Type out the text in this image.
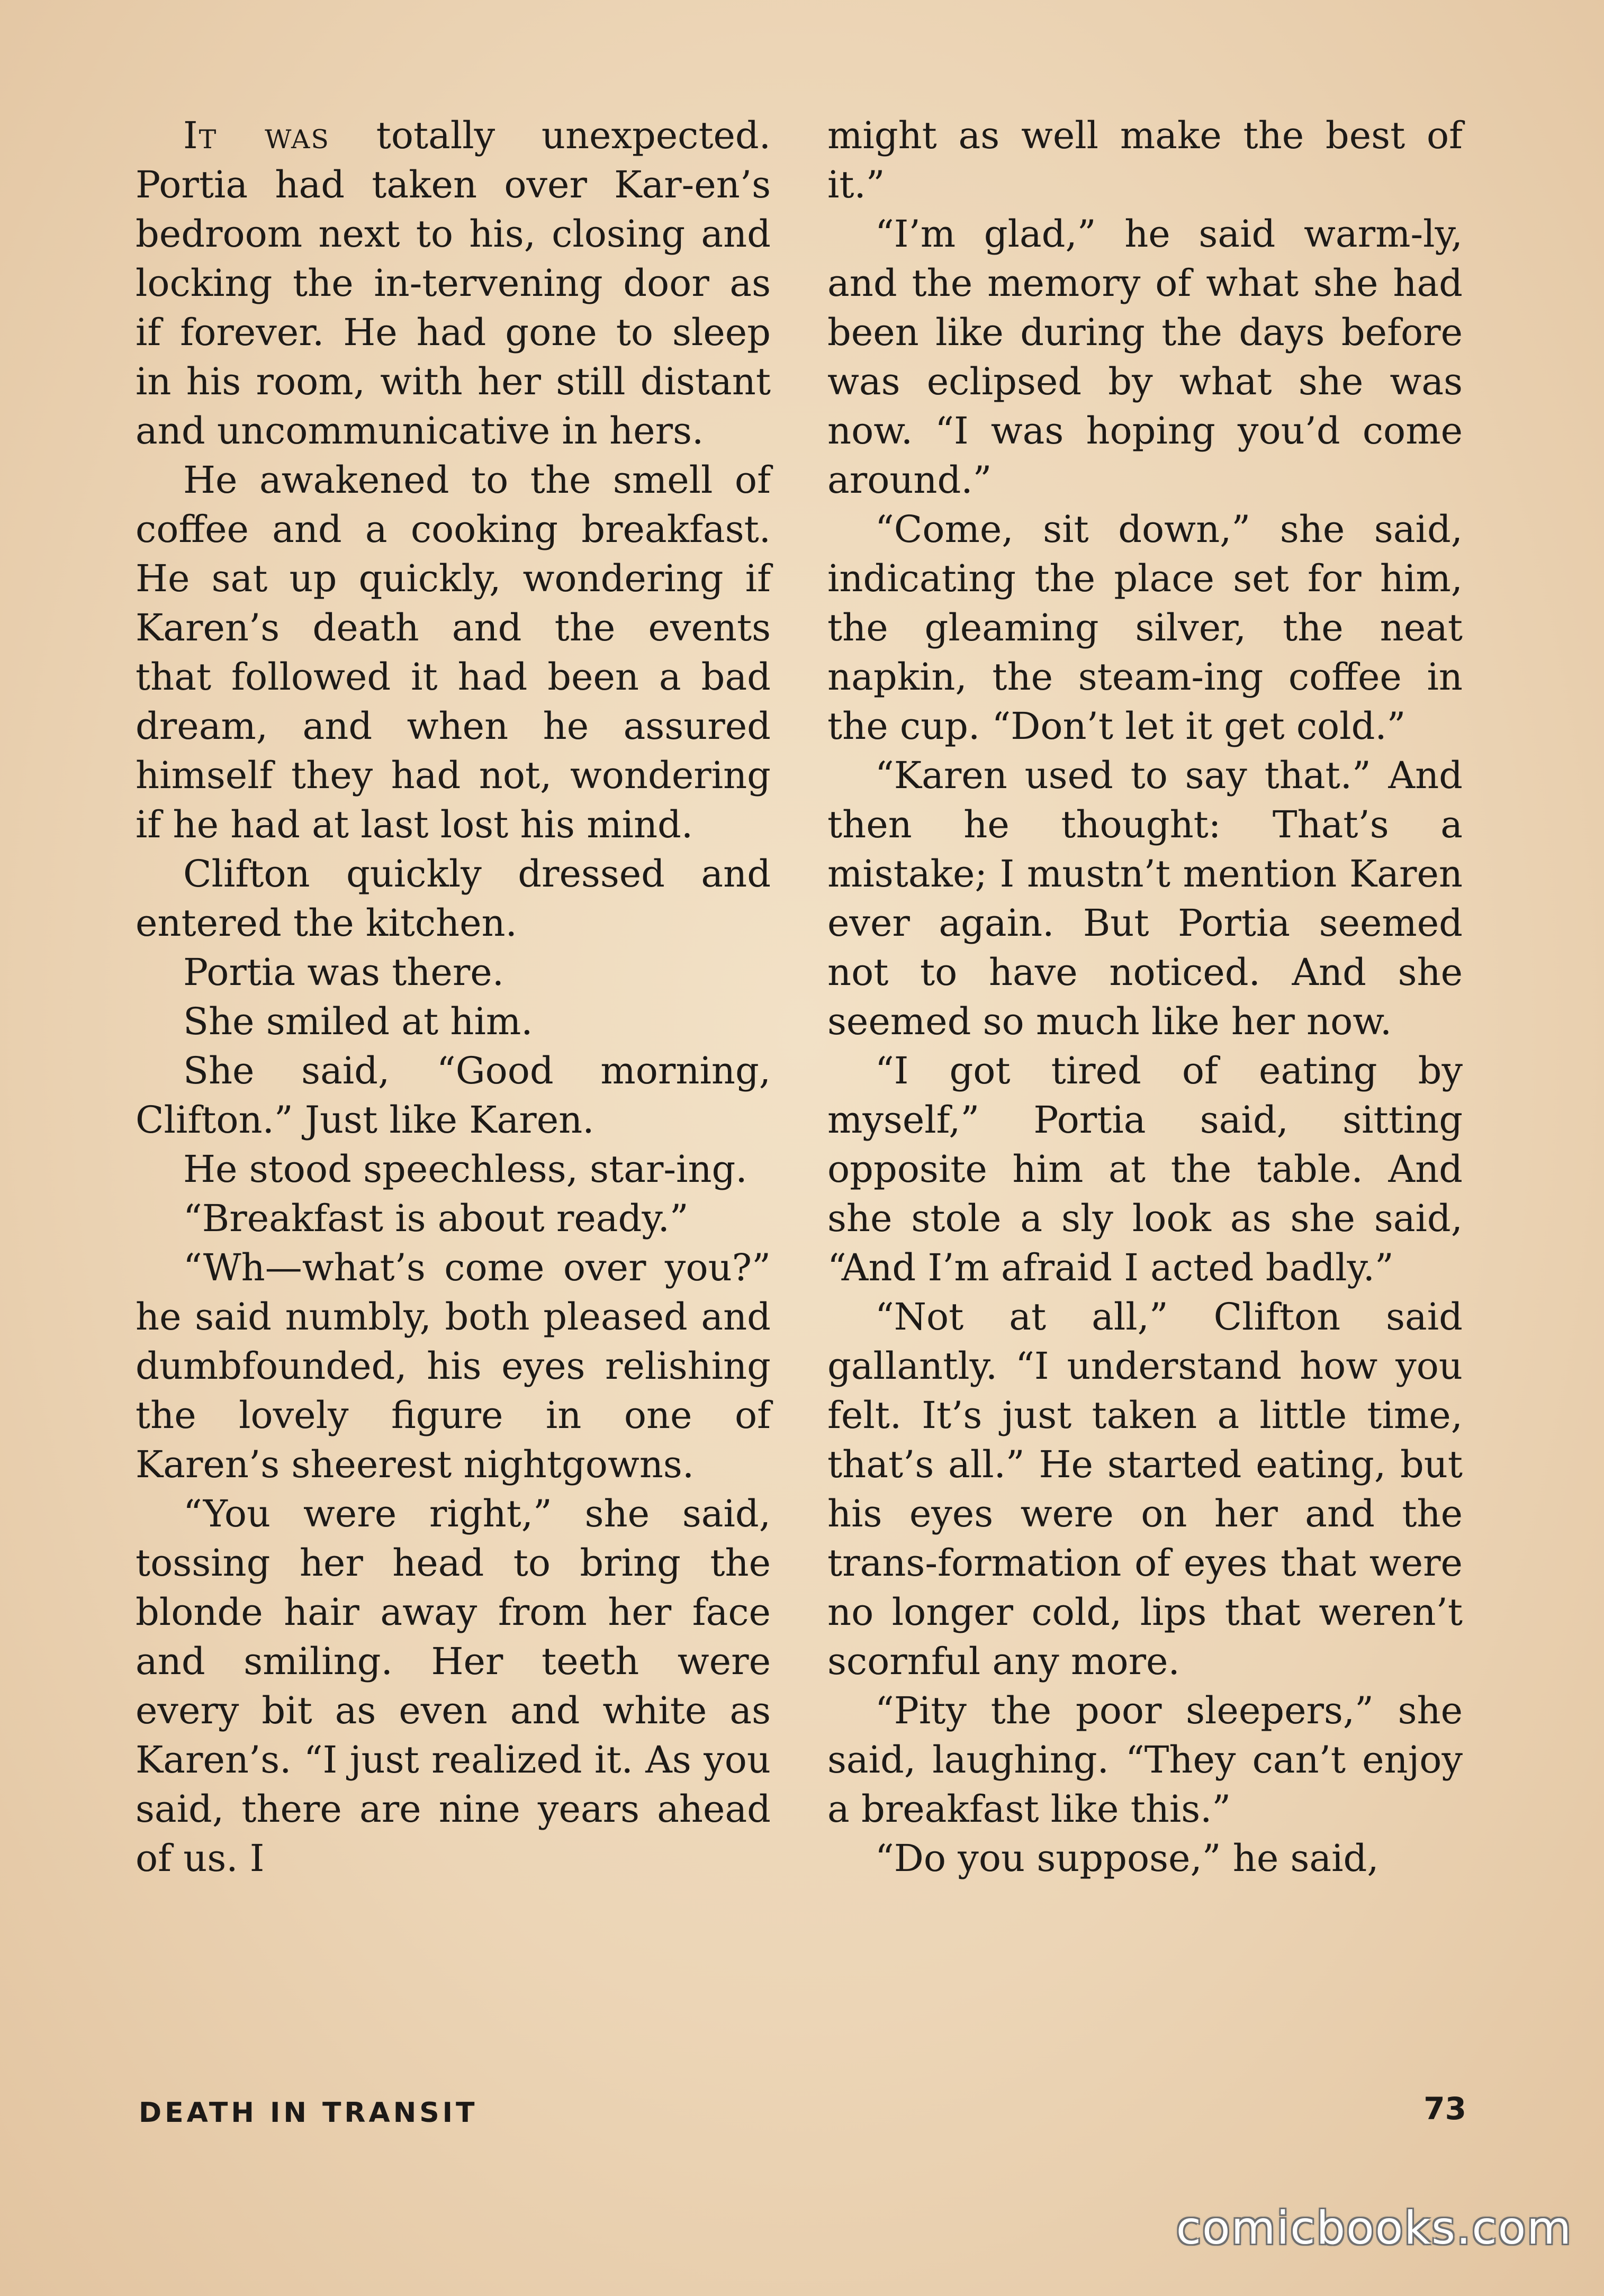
It was totally unexpected. Portia had taken over Kar-en’s bedroom next to his, closing and locking the in-tervening door as if forever. He had gone to sleep in his room, with her still distant and uncommunicative in hers.

He awakened to the smell of coffee and a cooking breakfast. He sat up quickly, wondering if Karen’s death and the events that followed it had been a bad dream, and when he assured himself they had not, wondering if he had at last lost his mind.

Clifton quickly dressed and entered the kitchen.

Portia was there.

She smiled at him.

She said, “Good morning, Clifton.” Just like Karen.

He stood speechless, star-ing.

“Breakfast is about ready.”

“Wh—what’s come over you?” he said numbly, both pleased and dumbfounded, his eyes relishing the lovely figure in one of Karen’s sheerest nightgowns.

“You were right,” she said, tossing her head to bring the blonde hair away from her face and smiling. Her teeth were every bit as even and white as Karen’s. “I just realized it. As you said, there are nine years ahead of us. I

might as well make the best of it.”

“I’m glad,” he said warm-ly, and the memory of what she had been like during the days before was eclipsed by what she was now. “I was hoping you’d come around.”

“Come, sit down,” she said, indicating the place set for him, the gleaming silver, the neat napkin, the steam-ing coffee in the cup. “Don’t let it get cold.”

“Karen used to say that.” And then he thought: That’s a mistake; I mustn’t mention Karen ever again. But Portia seemed not to have noticed. And she seemed so much like her now.

“I got tired of eating by myself,” Portia said, sitting opposite him at the table. And she stole a sly look as she said, “And I’m afraid I acted badly.”

“Not at all,” Clifton said gallantly. “I understand how you felt. It’s just taken a little time, that’s all.” He started eating, but his eyes were on her and the trans-formation of eyes that were no longer cold, lips that weren’t scornful any more.

“Pity the poor sleepers,” she said, laughing. “They can’t enjoy a breakfast like this.”

“Do you suppose,” he said,

DEATH IN TRANSIT	73
comicbooks.com
